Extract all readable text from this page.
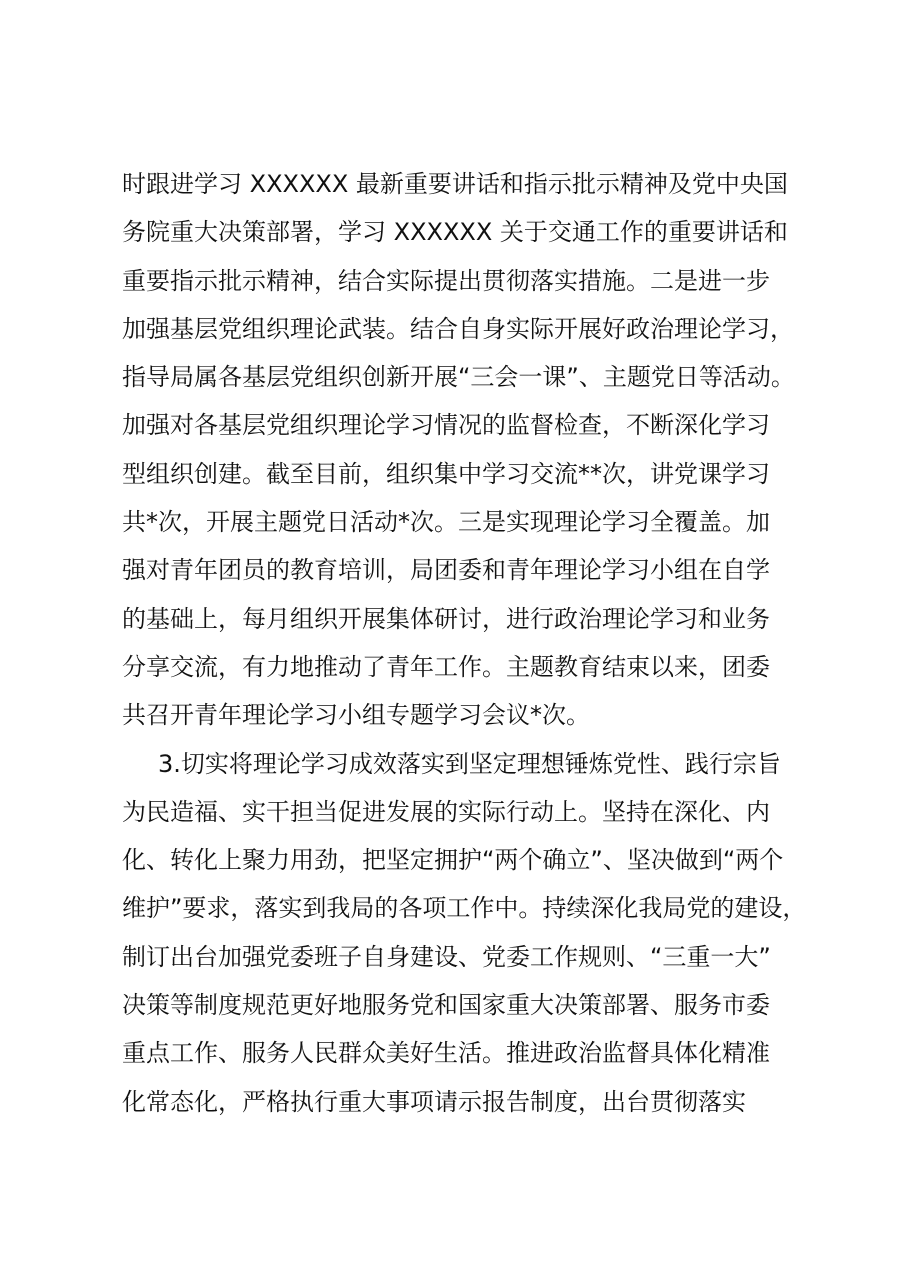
时跟进学习 XXXXXX 最新重要讲话和指示批示精神及党中央国
务院重大决策部署，学习 XXXXXX 关于交通工作的重要讲话和
重要指示批示精神，结合实际提出贯彻落实措施。二是进一步
加强基层党组织理论武装。结合自身实际开展好政治理论学习，
指导局属各基层党组织创新开展“三会一课”、主题党日等活动。
加强对各基层党组织理论学习情况的监督检查，不断深化学习
型组织创建。截至目前，组织集中学习交流**次，讲党课学习
共*次，开展主题党日活动*次。三是实现理论学习全覆盖。加
强对青年团员的教育培训，局团委和青年理论学习小组在自学
的基础上，每月组织开展集体研讨，进行政治理论学习和业务
分享交流，有力地推动了青年工作。主题教育结束以来，团委
共召开青年理论学习小组专题学习会议*次。
3.切实将理论学习成效落实到坚定理想锤炼党性、践行宗旨
为民造福、实干担当促进发展的实际行动上。坚持在深化、内
化、转化上聚力用劲，把坚定拥护“两个确立”、坚决做到“两个
维护”要求，落实到我局的各项工作中。持续深化我局党的建设，
制订出台加强党委班子自身建设、党委工作规则、“三重一大”
决策等制度规范更好地服务党和国家重大决策部署、服务市委
重点工作、服务人民群众美好生活。推进政治监督具体化精准
化常态化，严格执行重大事项请示报告制度，出台贯彻落实
